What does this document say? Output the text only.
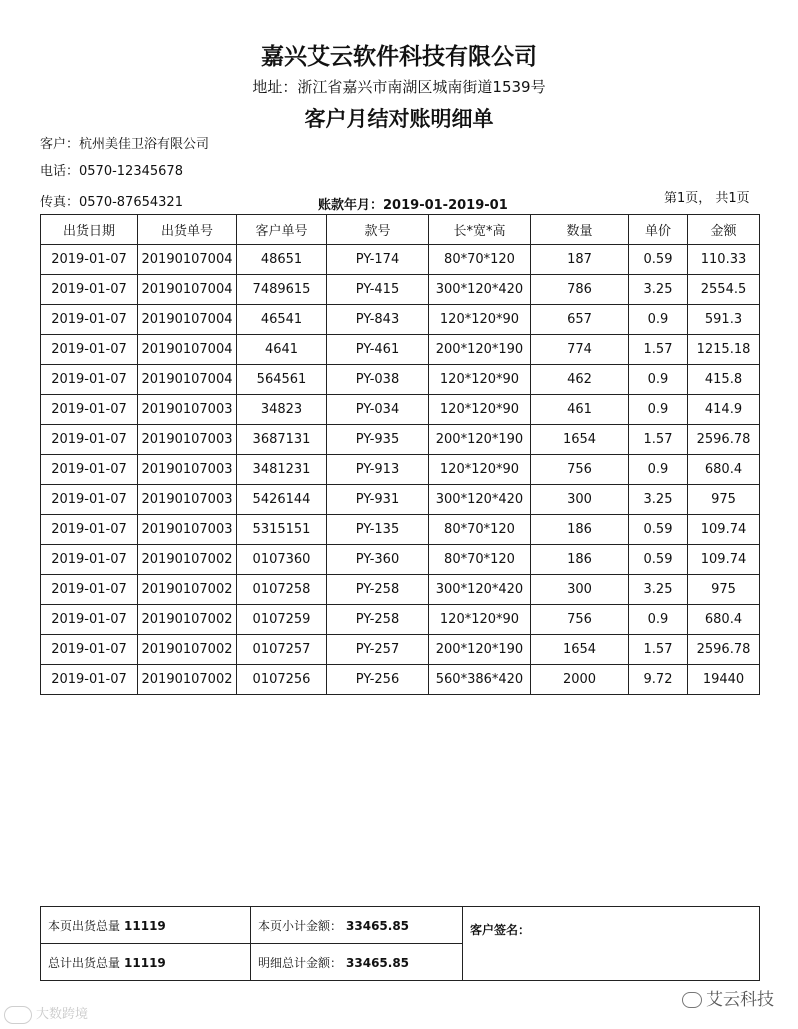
嘉兴艾云软件科技有限公司
地址：浙江省嘉兴市南湖区城南街道1539号
客户月结对账明细单
客户：杭州美佳卫浴有限公司
电话：0570-12345678
传真：0570-87654321	账款年月：2019-01-2019-01	第1页， 共1页
出货日期	出货单号	客户单号	款号	长*宽*高	数量	单价	金额
2019-01-07	20190107004	48651	PY-174	80*70*120	187	0.59	110.33
2019-01-07	20190107004	7489615	PY-415	300*120*420	786	3.25	2554.5
2019-01-07	20190107004	46541	PY-843	120*120*90	657	0.9	591.3
2019-01-07	20190107004	4641	PY-461	200*120*190	774	1.57	1215.18
2019-01-07	20190107004	564561	PY-038	120*120*90	462	0.9	415.8
2019-01-07	20190107003	34823	PY-034	120*120*90	461	0.9	414.9
2019-01-07	20190107003	3687131	PY-935	200*120*190	1654	1.57	2596.78
2019-01-07	20190107003	3481231	PY-913	120*120*90	756	0.9	680.4
2019-01-07	20190107003	5426144	PY-931	300*120*420	300	3.25	975
2019-01-07	20190107003	5315151	PY-135	80*70*120	186	0.59	109.74
2019-01-07	20190107002	0107360	PY-360	80*70*120	186	0.59	109.74
2019-01-07	20190107002	0107258	PY-258	300*120*420	300	3.25	975
2019-01-07	20190107002	0107259	PY-258	120*120*90	756	0.9	680.4
2019-01-07	20190107002	0107257	PY-257	200*120*190	1654	1.57	2596.78
2019-01-07	20190107002	0107256	PY-256	560*386*420	2000	9.72	19440
本页出货总量 11119	本页小计金额： 33465.85	客户签名：
总计出货总量 11119	明细总计金额： 33465.85	
大数跨境
艾云科技
